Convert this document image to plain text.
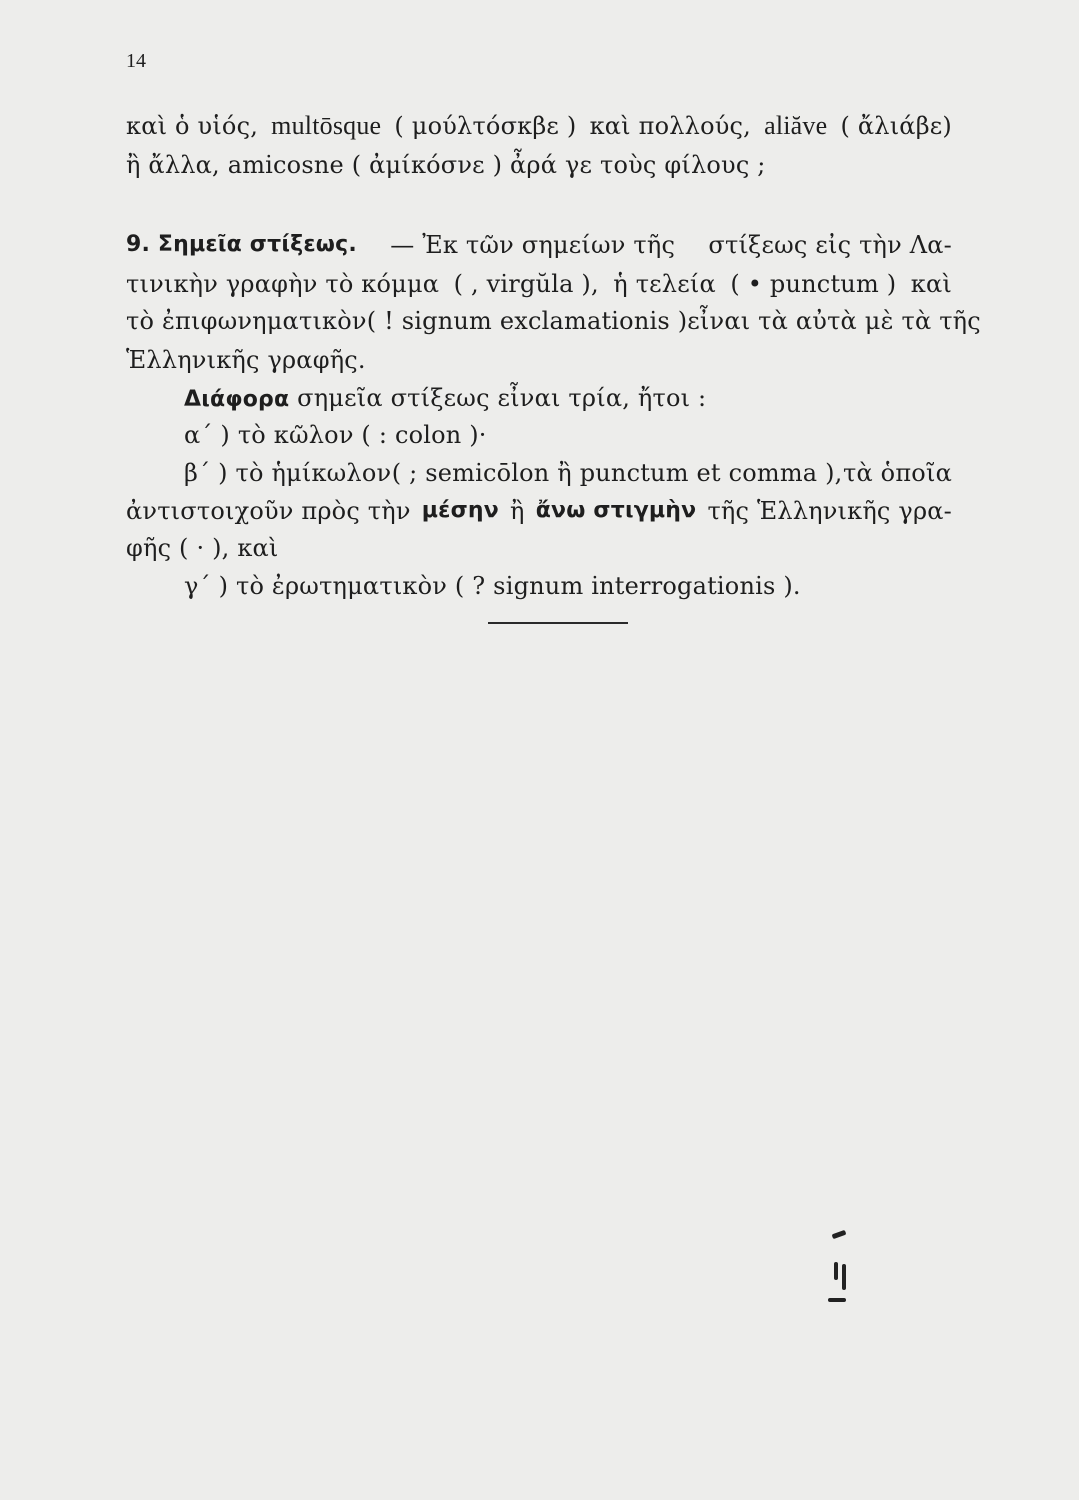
14
καὶ ὁ υἱός, multōsque ( μούλτόσκβε ) καὶ πολλούς, aliăve ( ἄλιάβε)
ἢ ἄλλα, amicosne ( ἀμίκόσνε ) ἆρά γε τοὺς φίλους ;
9. Σημεῖα στίξεως. — Ἐκ τῶν σημείων τῆς στίξεως εἰς τὴν Λα-
τινικὴν γραφὴν τὸ κόμμα ( , virgŭla ), ἡ τελεία ( • punctum ) καὶ
τὸ ἐπιφωνηματικὸν ( ! signum exclamationis ) εἶναι τὰ αὐτὰ μὲ τὰ τῆς
Ἑλληνικῆς γραφῆς.
Διάφορα σημεῖα στίξεως εἶναι τρία, ἤτοι :
α΄ ) τὸ κῶλον ( : colon )·
β΄ ) τὸ ἡμίκωλον ( ; semicōlon ἢ punctum et comma ), τὰ ὁποῖα
ἀντιστοιχοῦν πρὸς τὴν μέσην ἢ ἄνω στιγμὴν τῆς Ἑλληνικῆς γρα-
φῆς ( · ), καὶ
γ΄ ) τὸ ἐρωτηματικὸν ( ? signum interrogationis ).
